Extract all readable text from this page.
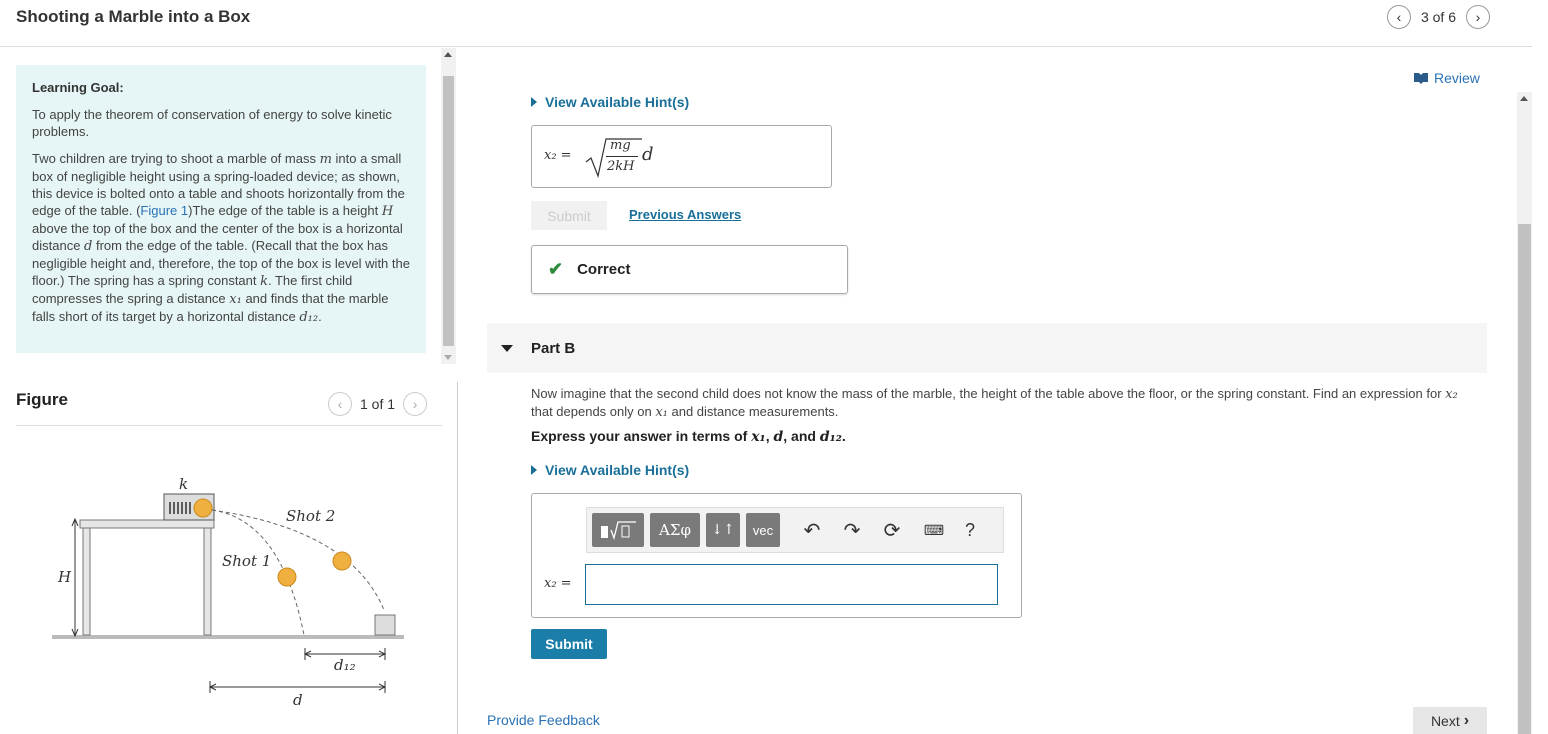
Shooting a Marble into a Box	‹ 3 of 6 ›
Learning Goal:

To apply the theorem of conservation of energy to solve kinetic problems.

Two children are trying to shoot a marble of mass m into a small box of negligible height using a spring-loaded device; as shown, this device is bolted onto a table and shoots horizontally from the edge of the table. (Figure 1)The edge of the table is a height H above the top of the box and the center of the box is a horizontal distance d from the edge of the table. (Recall that the box has negligible height and, therefore, the top of the box is level with the floor.) The spring has a spring constant k. The first child compresses the spring a distance x₁ and finds that the marble falls short of its target by a horizontal distance d₁₂.

Figure	‹ 1 of 1 ›
k
Shot 2
Shot 1
H
d₁₂
d
Review
View Available Hint(s)
x₂ =
mg
2kH
d
Submit	Previous Answers
✔ Correct
Part B
Now imagine that the second child does not know the mass of the marble, the height of the table above the floor, or the spring constant. Find an expression for x₂ that depends only on x₁ and distance measurements.
Express your answer in terms of x₁, d, and d₁₂.
View Available Hint(s)
ΑΣφ	↓↑	vec	↶ ↷ ⟳ ⌨	?
x₂ =
Submit
Provide Feedback	Next ›
